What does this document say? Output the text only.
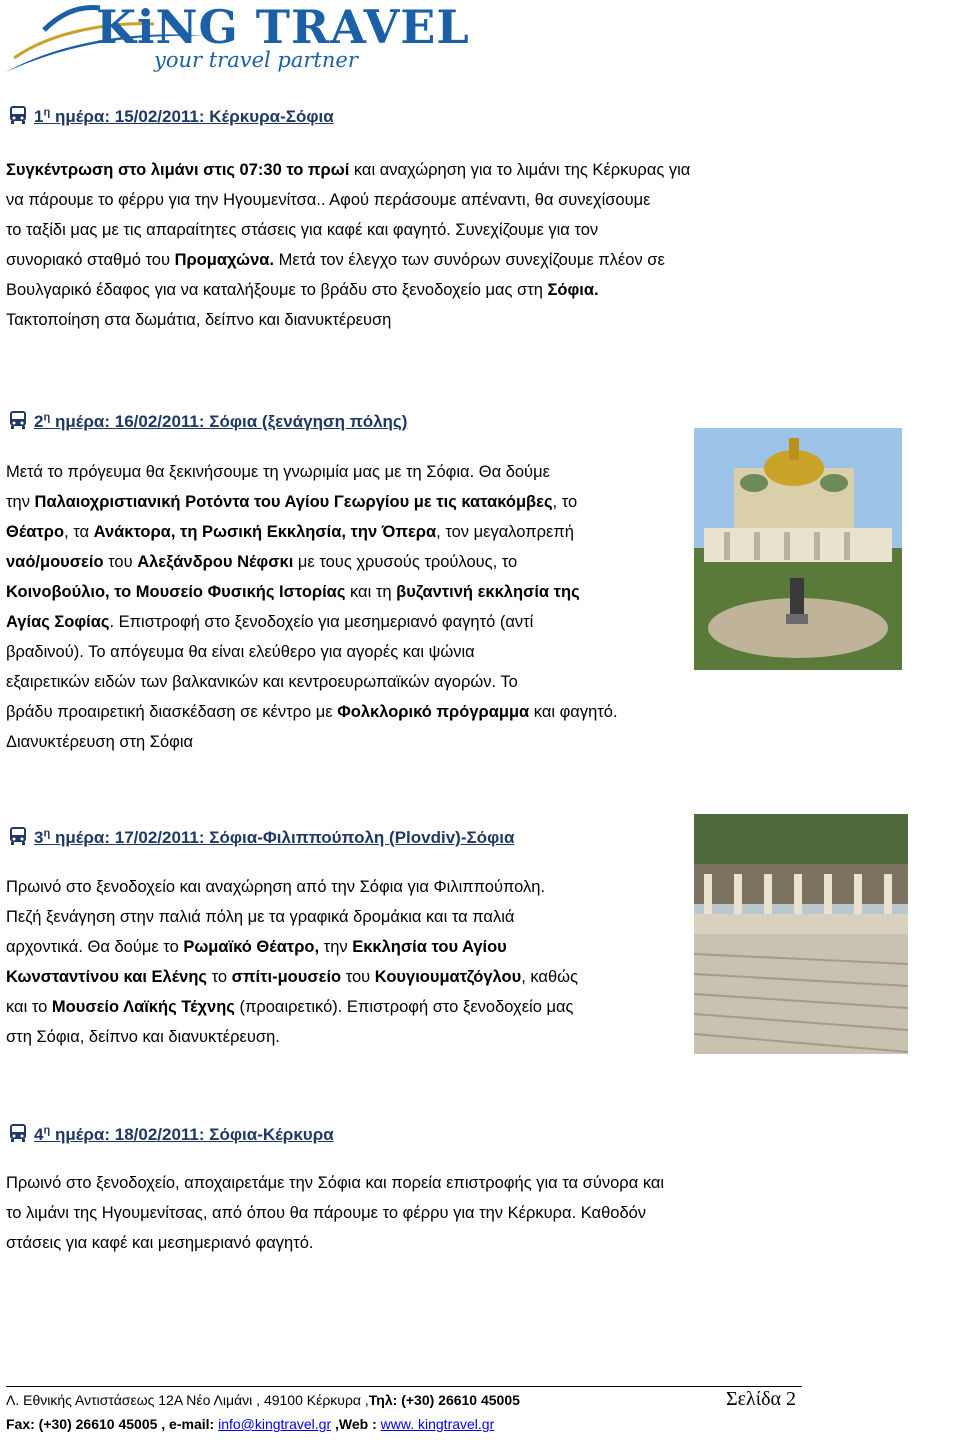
KiNG TRAVEL
your travel partner
$1^\eta$ ημέρα: 15/02/2011: Κέρκυρα-Σόφια
Συγκέντρωση στο λιμάνι στις 07:30 το πρωί και αναχώρηση για το λιμάνι της Κέρκυρας για
να πάρουμε το φέρρυ για την Ηγουμενίτσα.. Αφού περάσουμε απέναντι, θα συνεχίσουμε
το ταξίδι μας με τις απαραίτητες στάσεις για καφέ και φαγητό. Συνεχίζουμε για τον
συνοριακό σταθμό του Προμαχώνα. Μετά τον έλεγχο των συνόρων συνεχίζουμε πλέον σε
Βουλγαρικό έδαφος για να καταλήξουμε το βράδυ στο ξενοδοχείο μας στη Σόφια.
Τακτοποίηση στα δωμάτια, δείπνο και διανυκτέρευση
$2^\eta$ ημέρα: 16/02/2011: Σόφια (ξενάγηση πόλης)
Μετά το πρόγευμα θα ξεκινήσουμε τη γνωριμία μας με τη Σόφια. Θα δούμε
την Παλαιοχριστιανική Ροτόντα του Αγίου Γεωργίου με τις κατακόμβες, το
Θέατρο, τα Ανάκτορα, τη Ρωσική Εκκλησία, την Όπερα, τον μεγαλοπρεπή
ναό/μουσείο του Αλεξάνδρου Νέφσκι με τους χρυσούς τρούλους, το
Κοινοβούλιο, το Μουσείο Φυσικής Ιστορίας και τη βυζαντινή εκκλησία της
Αγίας Σοφίας. Επιστροφή στο ξενοδοχείο για μεσημεριανό φαγητό (αντί
βραδινού). Το απόγευμα θα είναι ελεύθερο για αγορές και ψώνια
εξαιρετικών ειδών των βαλκανικών και κεντροευρωπαϊκών αγορών. Το
βράδυ προαιρετική διασκέδαση σε κέντρο με Φολκλορικό πρόγραμμα και φαγητό.
Διανυκτέρευση στη Σόφια
$3^\eta$ ημέρα: 17/02/2011: Σόφια-Φιλιππούπολη (Plovdiv)-Σόφια
Πρωινό στο ξενοδοχείο και αναχώρηση από την Σόφια για Φιλιππούπολη.
Πεζή ξενάγηση στην παλιά πόλη με τα γραφικά δρομάκια και τα παλιά
αρχοντικά. Θα δούμε το Ρωμαϊκό Θέατρο, την Εκκλησία του Αγίου
Κωνσταντίνου και Ελένης το σπίτι-μουσείο του Κουγιουματζόγλου, καθώς
και το Μουσείο Λαϊκής Τέχνης (προαιρετικό). Επιστροφή στο ξενοδοχείο μας
στη Σόφια, δείπνο και διανυκτέρευση.
$4^\eta$ ημέρα: 18/02/2011: Σόφια-Κέρκυρα
Πρωινό στο ξενοδοχείο, αποχαιρετάμε την Σόφια και πορεία επιστροφής για τα σύνορα και
το λιμάνι της Ηγουμενίτσας, από όπου θα πάρουμε το φέρρυ για την Κέρκυρα. Καθοδόν
στάσεις για καφέ και μεσημεριανό φαγητό.
Λ. Εθνικής Αντιστάσεως 12Α Νέο Λιμάνι , 49100 Κέρκυρα ,Τηλ: (+30) 26610 45005
Fax: (+30) 26610 45005 , e-mail: info@kingtravel.gr ,Web : www. kingtravel.gr
Σελίδα 2
